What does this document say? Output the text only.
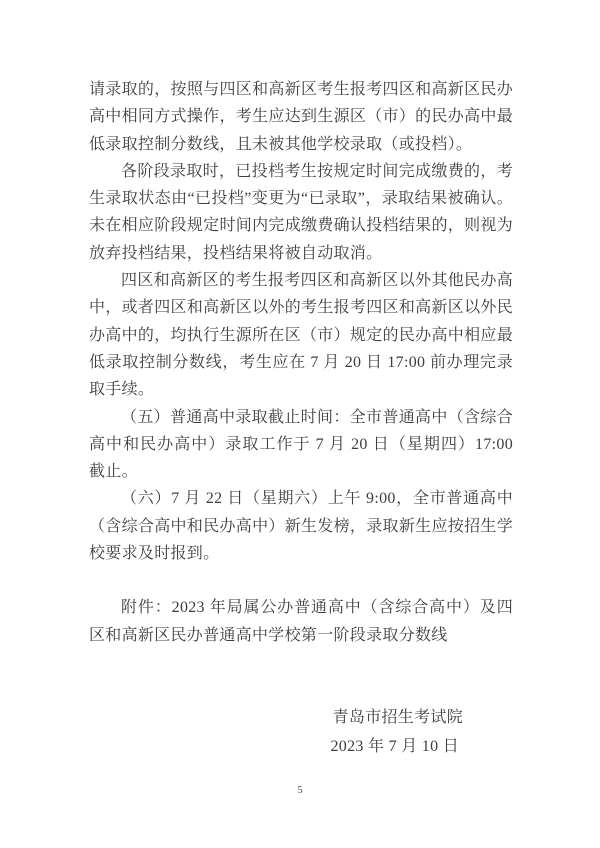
请录取的，按照与四区和高新区考生报考四区和高新区民办高中相同方式操作，考生应达到生源区（市）的民办高中最低录取控制分数线，且未被其他学校录取（或投档）。

各阶段录取时，已投档考生按规定时间完成缴费的，考生录取状态由“已投档”变更为“已录取”，录取结果被确认。未在相应阶段规定时间内完成缴费确认投档结果的，则视为放弃投档结果，投档结果将被自动取消。

四区和高新区的考生报考四区和高新区以外其他民办高中，或者四区和高新区以外的考生报考四区和高新区以外民办高中的，均执行生源所在区（市）规定的民办高中相应最低录取控制分数线，考生应在 7 月 20 日 17:00 前办理完录取手续。

（五）普通高中录取截止时间：全市普通高中（含综合高中和民办高中）录取工作于 7 月 20 日（星期四）17:00 截止。

（六）7 月 22 日（星期六）上午 9:00，全市普通高中（含综合高中和民办高中）新生发榜，录取新生应按招生学校要求及时报到。

附件：2023 年局属公办普通高中（含综合高中）及四区和高新区民办普通高中学校第一阶段录取分数线

青岛市招生考试院

2023 年 7 月 10 日

5
